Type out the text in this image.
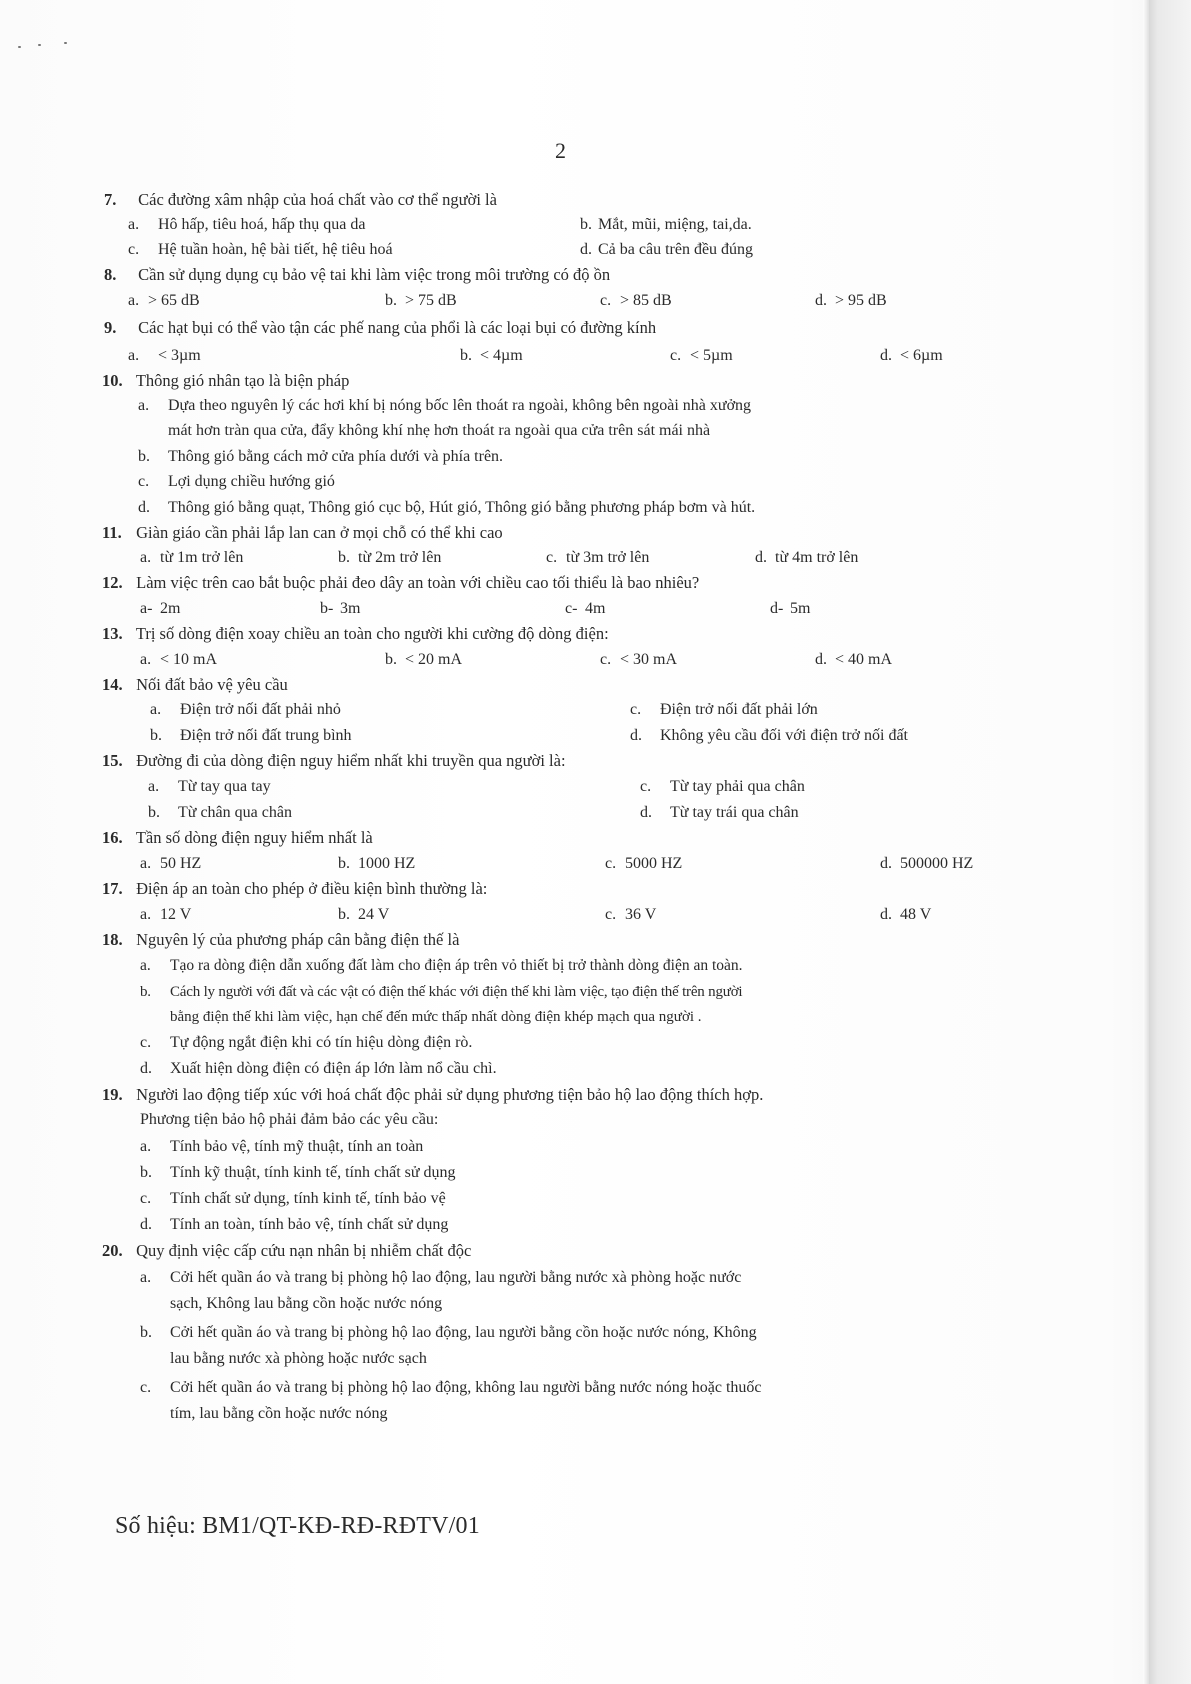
2
7. Các đường xâm nhập của hoá chất vào cơ thể người là
a. Hô hấp, tiêu hoá, hấp thụ qua da	b. Mắt, mũi, miệng, tai,da.
c. Hệ tuần hoàn, hệ bài tiết, hệ tiêu hoá	d. Cả ba câu trên đều đúng
8. Cần sử dụng dụng cụ bảo vệ tai khi làm việc trong môi trường có độ ồn
a. > 65 dB	b. > 75 dB	c. > 85 dB	d. > 95 dB
9. Các hạt bụi có thể vào tận các phế nang của phổi là các loại bụi có đường kính
a. < 3µm	b. < 4µm	c. < 5µm	d. < 6µm
10. Thông gió nhân tạo là biện pháp
a. Dựa theo nguyên lý các hơi khí bị nóng bốc lên thoát ra ngoài, không bên ngoài nhà xưởng
mát hơn tràn qua cửa, đẩy không khí nhẹ hơn thoát ra ngoài qua cửa trên sát mái nhà
b. Thông gió bằng cách mở cửa phía dưới và phía trên.
c. Lợi dụng chiều hướng gió
d. Thông gió bằng quạt, Thông gió cục bộ, Hút gió, Thông gió bằng phương pháp bơm và hút.
11. Giàn giáo cần phải lắp lan can ở mọi chỗ có thể khi cao
a. từ 1m trở lên	b. từ 2m trở lên	c. từ 3m trở lên	d. từ 4m trở lên
12. Làm việc trên cao bắt buộc phải đeo dây an toàn với chiều cao tối thiểu là bao nhiêu?
a- 2m	b- 3m	c- 4m	d- 5m
13. Trị số dòng điện xoay chiều an toàn cho người khi cường độ dòng điện:
a. < 10 mA	b. < 20 mA	c. < 30 mA	d. < 40 mA
14. Nối đất bảo vệ yêu cầu
a. Điện trở nối đất phải nhỏ	c. Điện trở nối đất phải lớn
b. Điện trở nối đất trung bình	d. Không yêu cầu đối với điện trở nối đất
15. Đường đi của dòng điện nguy hiểm nhất khi truyền qua người là:
a. Từ tay qua tay	c. Từ tay phải qua chân
b. Từ chân qua chân	d. Từ tay trái qua chân
16. Tần số dòng điện nguy hiểm nhất là
a. 50 HZ	b. 1000 HZ	c. 5000 HZ	d. 500000 HZ
17. Điện áp an toàn cho phép ở điều kiện bình thường là:
a. 12 V	b. 24 V	c. 36 V	d. 48 V
18. Nguyên lý của phương pháp cân bằng điện thế là
a. Tạo ra dòng điện dẫn xuống đất làm cho điện áp trên vỏ thiết bị trở thành dòng điện an toàn.
b. Cách ly người với đất và các vật có điện thế khác với điện thế khi làm việc, tạo điện thế trên người
bằng điện thế khi làm việc, hạn chế đến mức thấp nhất dòng điện khép mạch qua người .
c. Tự động ngắt điện khi có tín hiệu dòng điện rò.
d. Xuất hiện dòng điện có điện áp lớn làm nổ cầu chì.
19. Người lao động tiếp xúc với hoá chất độc phải sử dụng phương tiện bảo hộ lao động thích hợp.
Phương tiện bảo hộ phải đảm bảo các yêu cầu:
a. Tính bảo vệ, tính mỹ thuật, tính an toàn
b. Tính kỹ thuật, tính kinh tế, tính chất sử dụng
c. Tính chất sử dụng, tính kinh tế, tính bảo vệ
d. Tính an toàn, tính bảo vệ, tính chất sử dụng
20. Quy định việc cấp cứu nạn nhân bị nhiễm chất độc
a. Cởi hết quần áo và trang bị phòng hộ lao động, lau người bằng nước xà phòng hoặc nước
sạch, Không lau bằng cồn hoặc nước nóng
b. Cởi hết quần áo và trang bị phòng hộ lao động, lau người bằng cồn hoặc nước nóng, Không
lau bằng nước xà phòng hoặc nước sạch
c. Cởi hết quần áo và trang bị phòng hộ lao động, không lau người bằng nước nóng hoặc thuốc
tím, lau bằng cồn hoặc nước nóng
Số hiệu: BM1/QT-KĐ-RĐ-RĐTV/01
